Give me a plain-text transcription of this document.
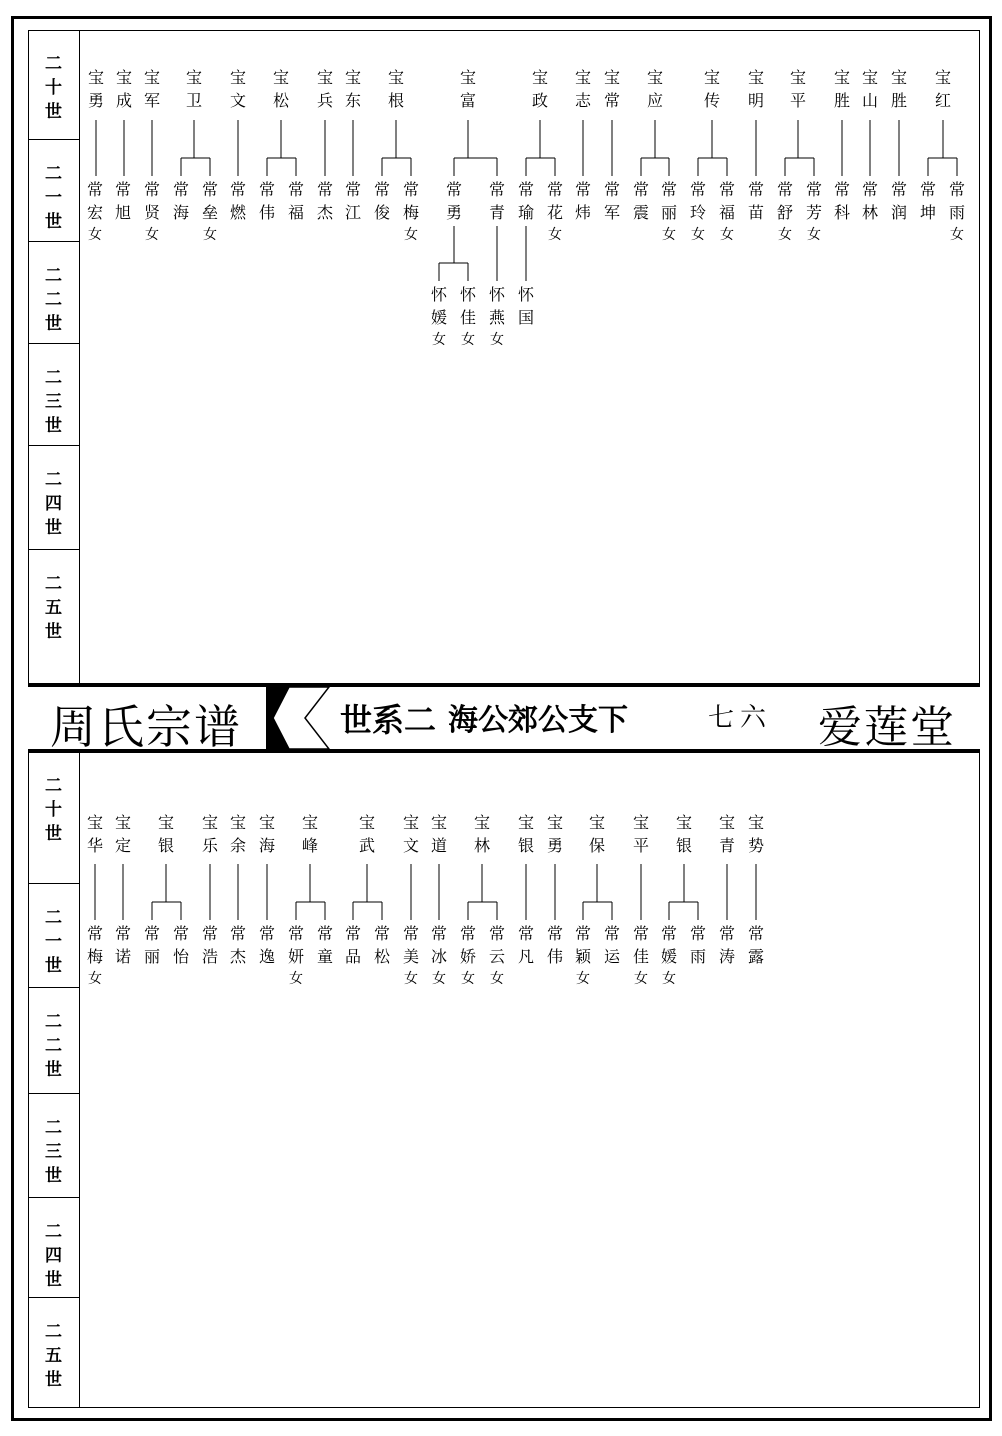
二十世
二一世
二二世
二三世
二四世
二五世
周氏宗谱	世系二 海公郊公支下	七六 爱莲堂
二十世
二一世
二二世
二三世
二四世
二五世
宝勇
宝成
宝军
宝卫
宝文
宝松
宝兵
宝东
宝根
宝富
宝政
宝志
宝常
宝应
宝传
宝明
宝平
宝胜
宝山
宝胜
宝红
常宏
女
常旭
常贤
女
常海
常垒
女
常燃
常伟
常福
常杰
常江
常俊
常梅
女
常勇
常青
常瑜
常花
女
常炜
常军
常震
常丽
女
常玲
女
常福
女
常苗
常舒
女
常芳
女
常科
常林
常润
常坤
常雨
女
怀媛
女
怀佳
女
怀燕
女
怀国
宝华
宝定
宝银
宝乐
宝余
宝海
宝峰
宝武
宝文
宝道
宝林
宝银
宝勇
宝保
宝平
宝银
宝青
宝势
常梅
女
常诺
常丽
常怡
常浩
常杰
常逸
常妍
女
常童
常品
常松
常美
女
常冰
女
常娇
女
常云
女
常凡
常伟
常颖
女
常运
常佳
女
常媛
女
常雨
常涛
常露
